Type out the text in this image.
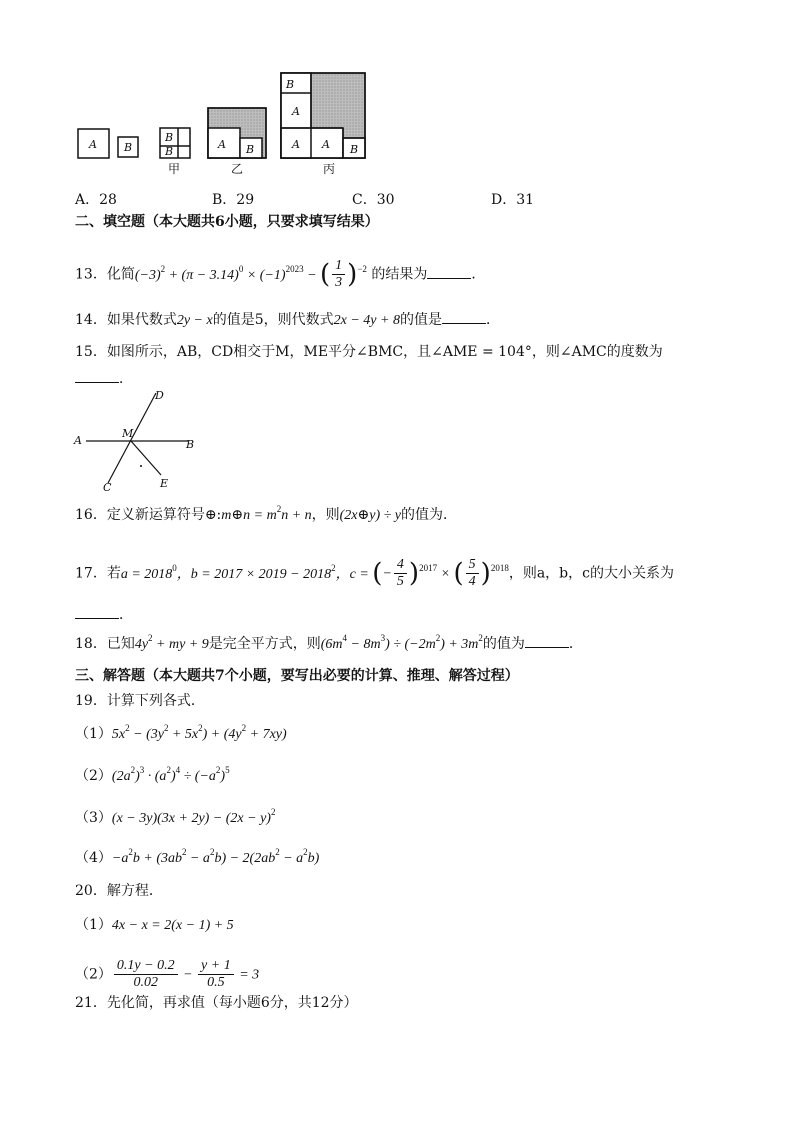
A B
B
B
A B
B
A
A A B
甲	乙	丙
A．28	B．29	C．30	D．31
二、填空题（本大题共6小题，只要求填写结果）
13．化简$(-3)^2 + (\pi - 3.14)^0 \times (-1)^{2023}$ − ( $\frac{1}{3} )^{-2}$ 的结果为	．
14．如果代数式2y − x的值是5，则代数式2x − 4y + 8的值是	．
15．如图所示，AB，CD相交于M，ME平分∠BMC，且∠AME = 104°，则∠AMC的度数为
．
D
A
M
B
C	E
16．定义新运算符号⊕:m⊕n = $m^2n + n$，则(2x⊕y) ÷ y的值为．
17．若$a = 2018^0$，$b = 2017 \times 2019 - 2018^2$，c = (− $\frac{4}{5} )^{2017}$ × ( $\frac{5}{4} )^{2018}$，则a，b，c的大小关系为
．
18．已知$4y^2$ + my + 9是完全平方式，则$(6m^4 - 8m^3) \div (-2m^2) + 3m^2$的值为	．
三、解答题（本大题共7个小题，要写出必要的计算、推理、解答过程）
19．计算下列各式．
$(1)5x^2 - (3y^2 + 5x^2) + (4y^2 + 7xy)$
$(2)(2a^2)^3 \cdot (a^2)^4 \div (-a^2)^5$
$(3)(x - 3y)(3x + 2y) - (2x - y)^2$
$(4)-a^2b + (3ab^2 - a^2b) - 2(2ab^2 - a^2b)$
20．解方程．
（1）4x − x = 2(x − 1) + 5
$(2) \frac{0.1y - 0.2}{0.02} - \frac{y + 1}{0.5} = 3$
21．先化简，再求值（每小题6分，共12分）
